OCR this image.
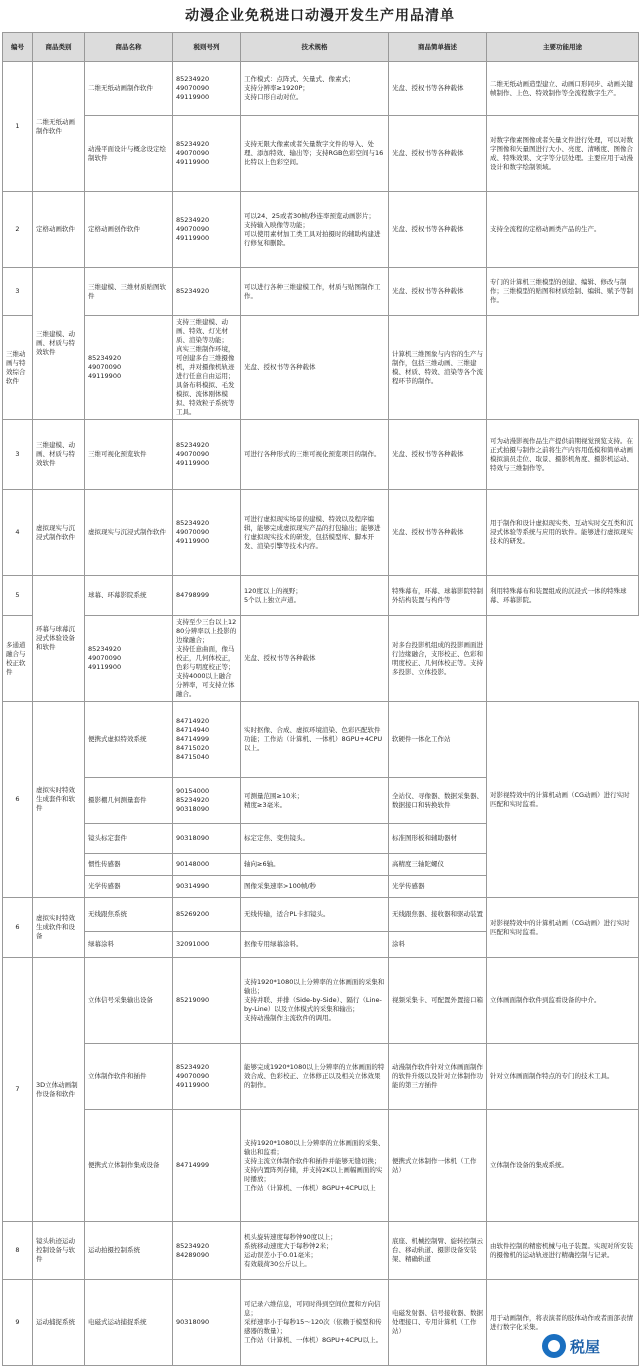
动漫企业免税进口动漫开发生产用品清单
编号	商品类别	商品名称	税则号列	技术规格	商品简单描述	主要功能用途
1	二维无纸动画制作软件	二维无纸动画制作软件	85234920
49070090
49119900	工作模式：点阵式、矢量式、像素式；
支持分辨率≥1920P；
支持口形自动对位。	光盘、授权书等各种载体	二维无纸动画造型建立、动画口形同步、动画关键帧制作、上色、特效制作等全流程数字生产。
		动漫平面设计与概念设定绘制软件	85234920
49070090
49119900	支持无限大像素或者矢量数字文件的导入、处理、添加特效、输出等；支持RGB色彩空间与16比特以上色彩空间。	光盘、授权书等各种载体	对数字像素图像或者矢量文件进行处理，可以对数字图像和矢量图进行大小、亮度、清晰度、图像合成、特殊效果、文字等分层处理。主要应用于动漫设计和数字绘制领域。
2	定格动画软件	定格动画创作软件	85234920
49070090
49119900	可以24、25或者30帧/秒连率预览动画影片；
支持输入映像等功能；
可以使用素材加工类工具对拍摄时的辅助构建进行修复和删除。	光盘、授权书等各种载体	支持全流程的定格动画类产品的生产。
3	三维建模、动画、材质与特效软件	三维建模、三维材质贴图软件	85234920	可以进行各种三维建模工作，材质与贴图制作工作。	光盘、授权书等各种载体	专门的计算机三维模型的创建、编辑、修改与制作；三维模型的贴图和材质绘制、编辑、赋予等制作。
三维动画与特效综合软件		85234920
49070090
49119900	支持三维建模、动画、特效、灯光材质、渲染等功能；
真实三维制作环境，可创建多台三维摄像机，并对摄像机轨迹进行任意自由运用；
具备布料模拟、毛发模拟、流体刚体模拟、特效粒子系统等工具。	光盘、授权书等各种载体	计算机三维图象与内容的生产与制作，包括三维动画、三维建模、材质、特效、渲染等各个流程环节的制作。	
3	三维建模、动画、材质与特效软件	三维可视化预览软件	85234920
49070090
49119900	可进行各种形式的三维可视化预览项目的制作。	光盘、授权书等各种载体	可为动漫影视作品生产提供前期视觉预览支持。在正式拍摄与制作之前将生产内容用低模和简单动画模拟演员走位、取景、摄影机角度、摄影机运动、特效与三维制作等。
4	虚拟现实与沉浸式制作软件	虚拟现实与沉浸式制作软件	85234920
49070090
49119900	可进行虚拟现实场景的建模、特效以及程序编辑，能够完成虚拟现实产品的打包输出；能够进行虚拟现实技术的研发，包括模型库、脚本开发、渲染引擎等技术内容。	光盘、授权书等各种载体	用于制作和设计虚拟现实类、互动实时交互类和沉浸式体验等系统与应用的软件。能够进行虚拟现实技术的研发。
5	环幕与球幕沉浸式体验设备和软件	球幕、环幕影院系统	84798999	120度以上的视野；
5个以上独立声道。	特殊幕布，环幕、球幕影院特制外结构装置与构件等	利用特殊幕布和装置组成的沉浸式一体的特殊球幕、环幕影院。
多通道融合与校正软件		85234920
49070090
49119900	支持至少三台以上1280分辨率以上投影的边缘融合；
支持任意曲面，像马校正，几何体校正，色彩与明度校正等；
支持4000以上融合分辨率，可支持立体融合。	光盘、授权书等各种载体	对多台投影机组成的投影画面进行边缘融合，支形校正、色彩和明度校正、几何体校正等。支持多投影、立体投影。	
6	虚拟实时特效生成套件和软件	便携式虚拟特效系统	84714920
84714940
84714999
84715020
84715040	实时抠像、合成、虚拟环境渲染、色彩匹配软件功能；工作站（计算机、一体机）8GPU+4CPU以上。	软硬件一体化工作站	对影视特效中的计算机动画（CG动画）进行实时匹配和实时监看。
		摄影棚几何测量套件	90154000
85234920
90318090	可测量范围≥10米；
精度≥3毫米。	全站仪、寻像器、数据采集器、数据接口和转换软件	
		镜头标定套件	90318090	标定定焦、变焦镜头。	标准图形板和辅助器材	
		惯性传感器	90148000	轴向≥6轴。	高精度三轴陀螺仪	
		光学传感器	90314990	图像采集速率>100帧/秒	光学传感器	
6	虚拟实时特效生成软件和设备	无线跟焦系统	85269200	无线传输，适合PL卡扣镜头。	无线跟焦器、接收器和驱动装置	对影视特效中的计算机动画（CG动画）进行实时匹配和实时监看。
		绿幕涂料	32091000	抠像专用绿幕涂料。	涂料	
7	3D立体动画制作设备和软件	立体信号采集输出设备	85219090	支持1920*1080以上分辨率的立体画面的采集和输出；
支持并联、并排（Side-by-Side）、隔行（Line-by-Line）以及立体模式的采集和输出；
支持动漫制作主流软件的调用。	视频采集卡、可配置外置接口箱	立体画面制作软件到监看设备的中介。
		立体制作软件和插件	85234920
49070090
49119900	能够完成1920*1080以上分辨率的立体画面的特效合成、色彩校正、立体修正以及相关立体效果的制作。	动漫制作软件针对立体画面制作的软件升级以及针对立体制作功能的第三方插件	针对立体画面制作特点的专门的技术工具。
		便携式立体制作集成设备	84714999	支持1920*1080以上分辨率的立体画面的采集、输出和监看；
支持主流立体制作软件和插件并能够无缝切换；
支持内置阵列存储，并支持2K以上画幅画面的实时播放；
工作站（计算机、一体机）8GPU+4CPU以上	便携式立体制作一体机（工作站）	立体制作设备的集成系统。
8	镜头轨迹运动控制设备与软件	运动拍摄控制系统	85234920
84289090	机头旋转速度每秒钟90度以上；
系统移动速度大于每秒钟2米；
运动误差小于0.01毫米；
有效载荷30公斤以上。	底座、机械控制臂、旋转控制云台、移动轨道、摄影设备安装架、精确轨道	由软件控制的精密机械与电子装置。实现对所安装的摄像机的运动轨迹进行精确控制与记录。
9	运动捕捉系统	电磁式运动捕捉系统	90318090	可记录六维信息，可同时得到空间位置和方向信息；
采样速率小于每秒15～120次（依赖于模型和传感器的数量）；
工作站（计算机、一体机）8GPU+4CPU以上。	电磁发射器、信号接收器、数据处理接口、专用计算机（工作站）	用于动画制作，将表演者的肢体动作或者面部表情进行数字化采集。
税屋
